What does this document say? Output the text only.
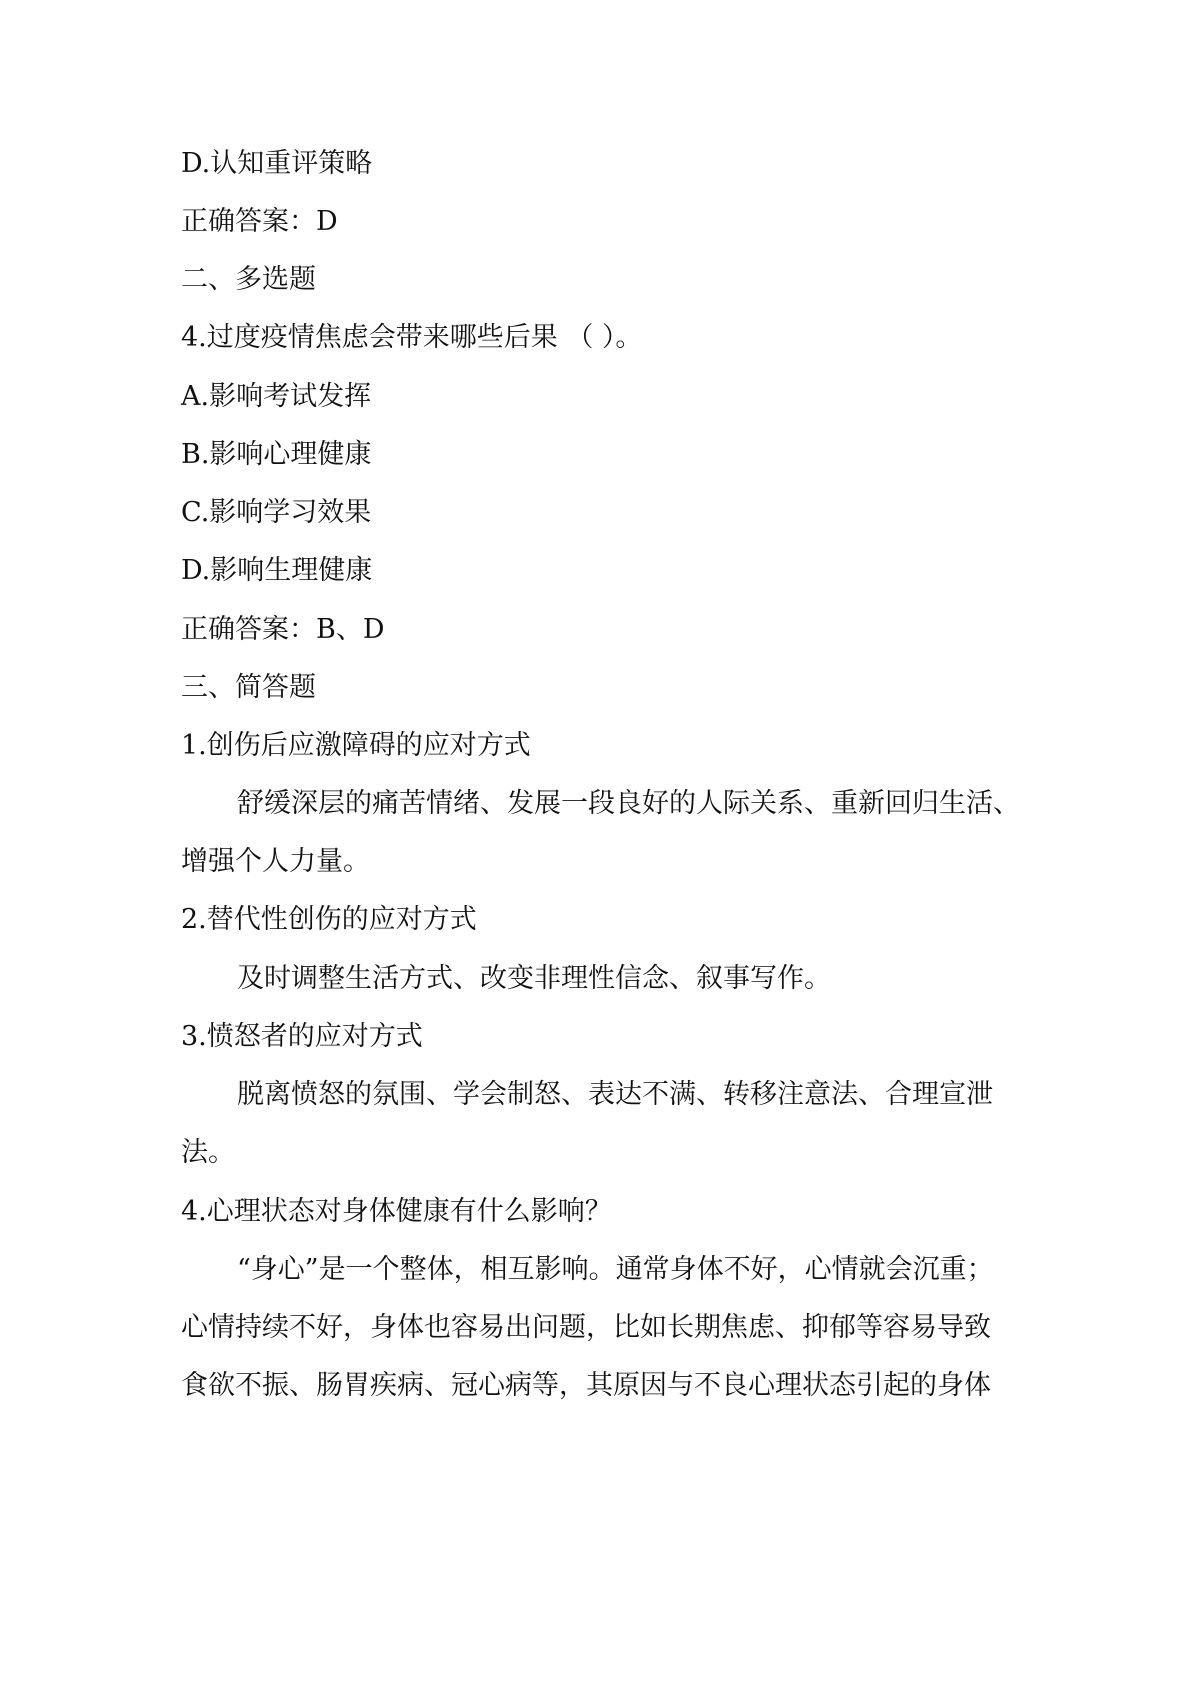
D.认知重评策略
正确答案：D
二、多选题
4.过度疫情焦虑会带来哪些后果 （ ）。
A.影响考试发挥
B.影响心理健康
C.影响学习效果
D.影响生理健康
正确答案：B、D
三、简答题
1.创伤后应激障碍的应对方式
舒缓深层的痛苦情绪、发展一段良好的人际关系、重新回归生活、
增强个人力量。
2.替代性创伤的应对方式
及时调整生活方式、改变非理性信念、叙事写作。
3.愤怒者的应对方式
脱离愤怒的氛围、学会制怒、表达不满、转移注意法、合理宣泄
法。
4.心理状态对身体健康有什么影响？
“身心”是一个整体，相互影响。通常身体不好，心情就会沉重；
心情持续不好，身体也容易出问题，比如长期焦虑、抑郁等容易导致
食欲不振、肠胃疾病、冠心病等，其原因与不良心理状态引起的身体
